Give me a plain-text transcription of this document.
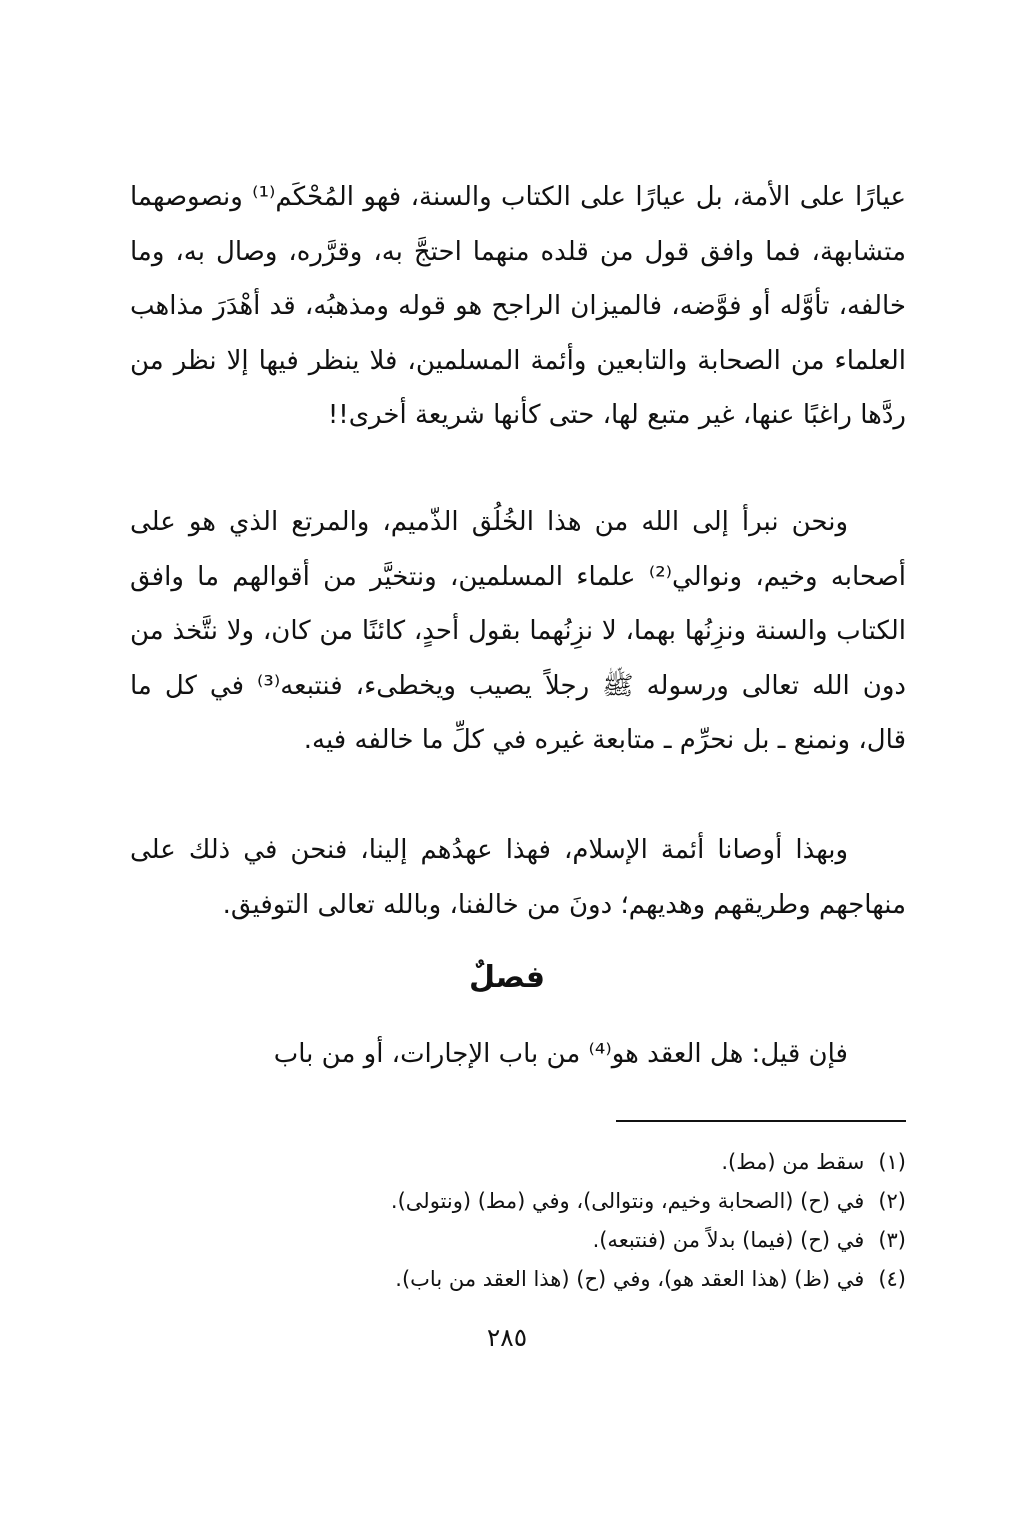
عيارًا على الأمة، بل عيارًا على الكتاب والسنة، فهو المُحْكَم⁽¹⁾ ونصوصهما متشابهة، فما وافق قول من قلده منهما احتجَّ به، وقرَّره، وصال به، وما خالفه، تأوَّله أو فوَّضه، فالميزان الراجح هو قوله ومذهبُه، قد أهْدَرَ مذاهب العلماء من الصحابة والتابعين وأئمة المسلمين، فلا ينظر فيها إلا نظر من ردَّها راغبًا عنها، غير متبع لها، حتى كأنها شريعة أخرى!!
ونحن نبرأ إلى الله من هذا الخُلُق الذّميم، والمرتع الذي هو على أصحابه وخيم، ونوالي⁽²⁾ علماء المسلمين، ونتخيَّر من أقوالهم ما وافق الكتاب والسنة ونزِنُها بهما، لا نزِنُهما بقول أحدٍ، كائنًا من كان، ولا نتَّخذ من دون الله تعالى ورسوله ﷺ رجلاً يصيب ويخطىء، فنتبعه⁽³⁾ في كل ما قال، ونمنع ـ بل نحرِّم ـ متابعة غيره في كلِّ ما خالفه فيه.
وبهذا أوصانا أئمة الإسلام، فهذا عهدُهم إلينا، فنحن في ذلك على منهاجهم وطريقهم وهديهم؛ دونَ من خالفنا، وبالله تعالى التوفيق.
فصلٌ
فإن قيل: هل العقد هو⁽⁴⁾ من باب الإجارات، أو من باب
(١)سقط من (مط).
(٢)في (ح) (الصحابة وخيم، ونتوالى)، وفي (مط) (ونتولى).
(٣)في (ح) (فيما) بدلاً من (فنتبعه).
(٤)في (ظ) (هذا العقد هو)، وفي (ح) (هذا العقد من باب).
٢٨٥
